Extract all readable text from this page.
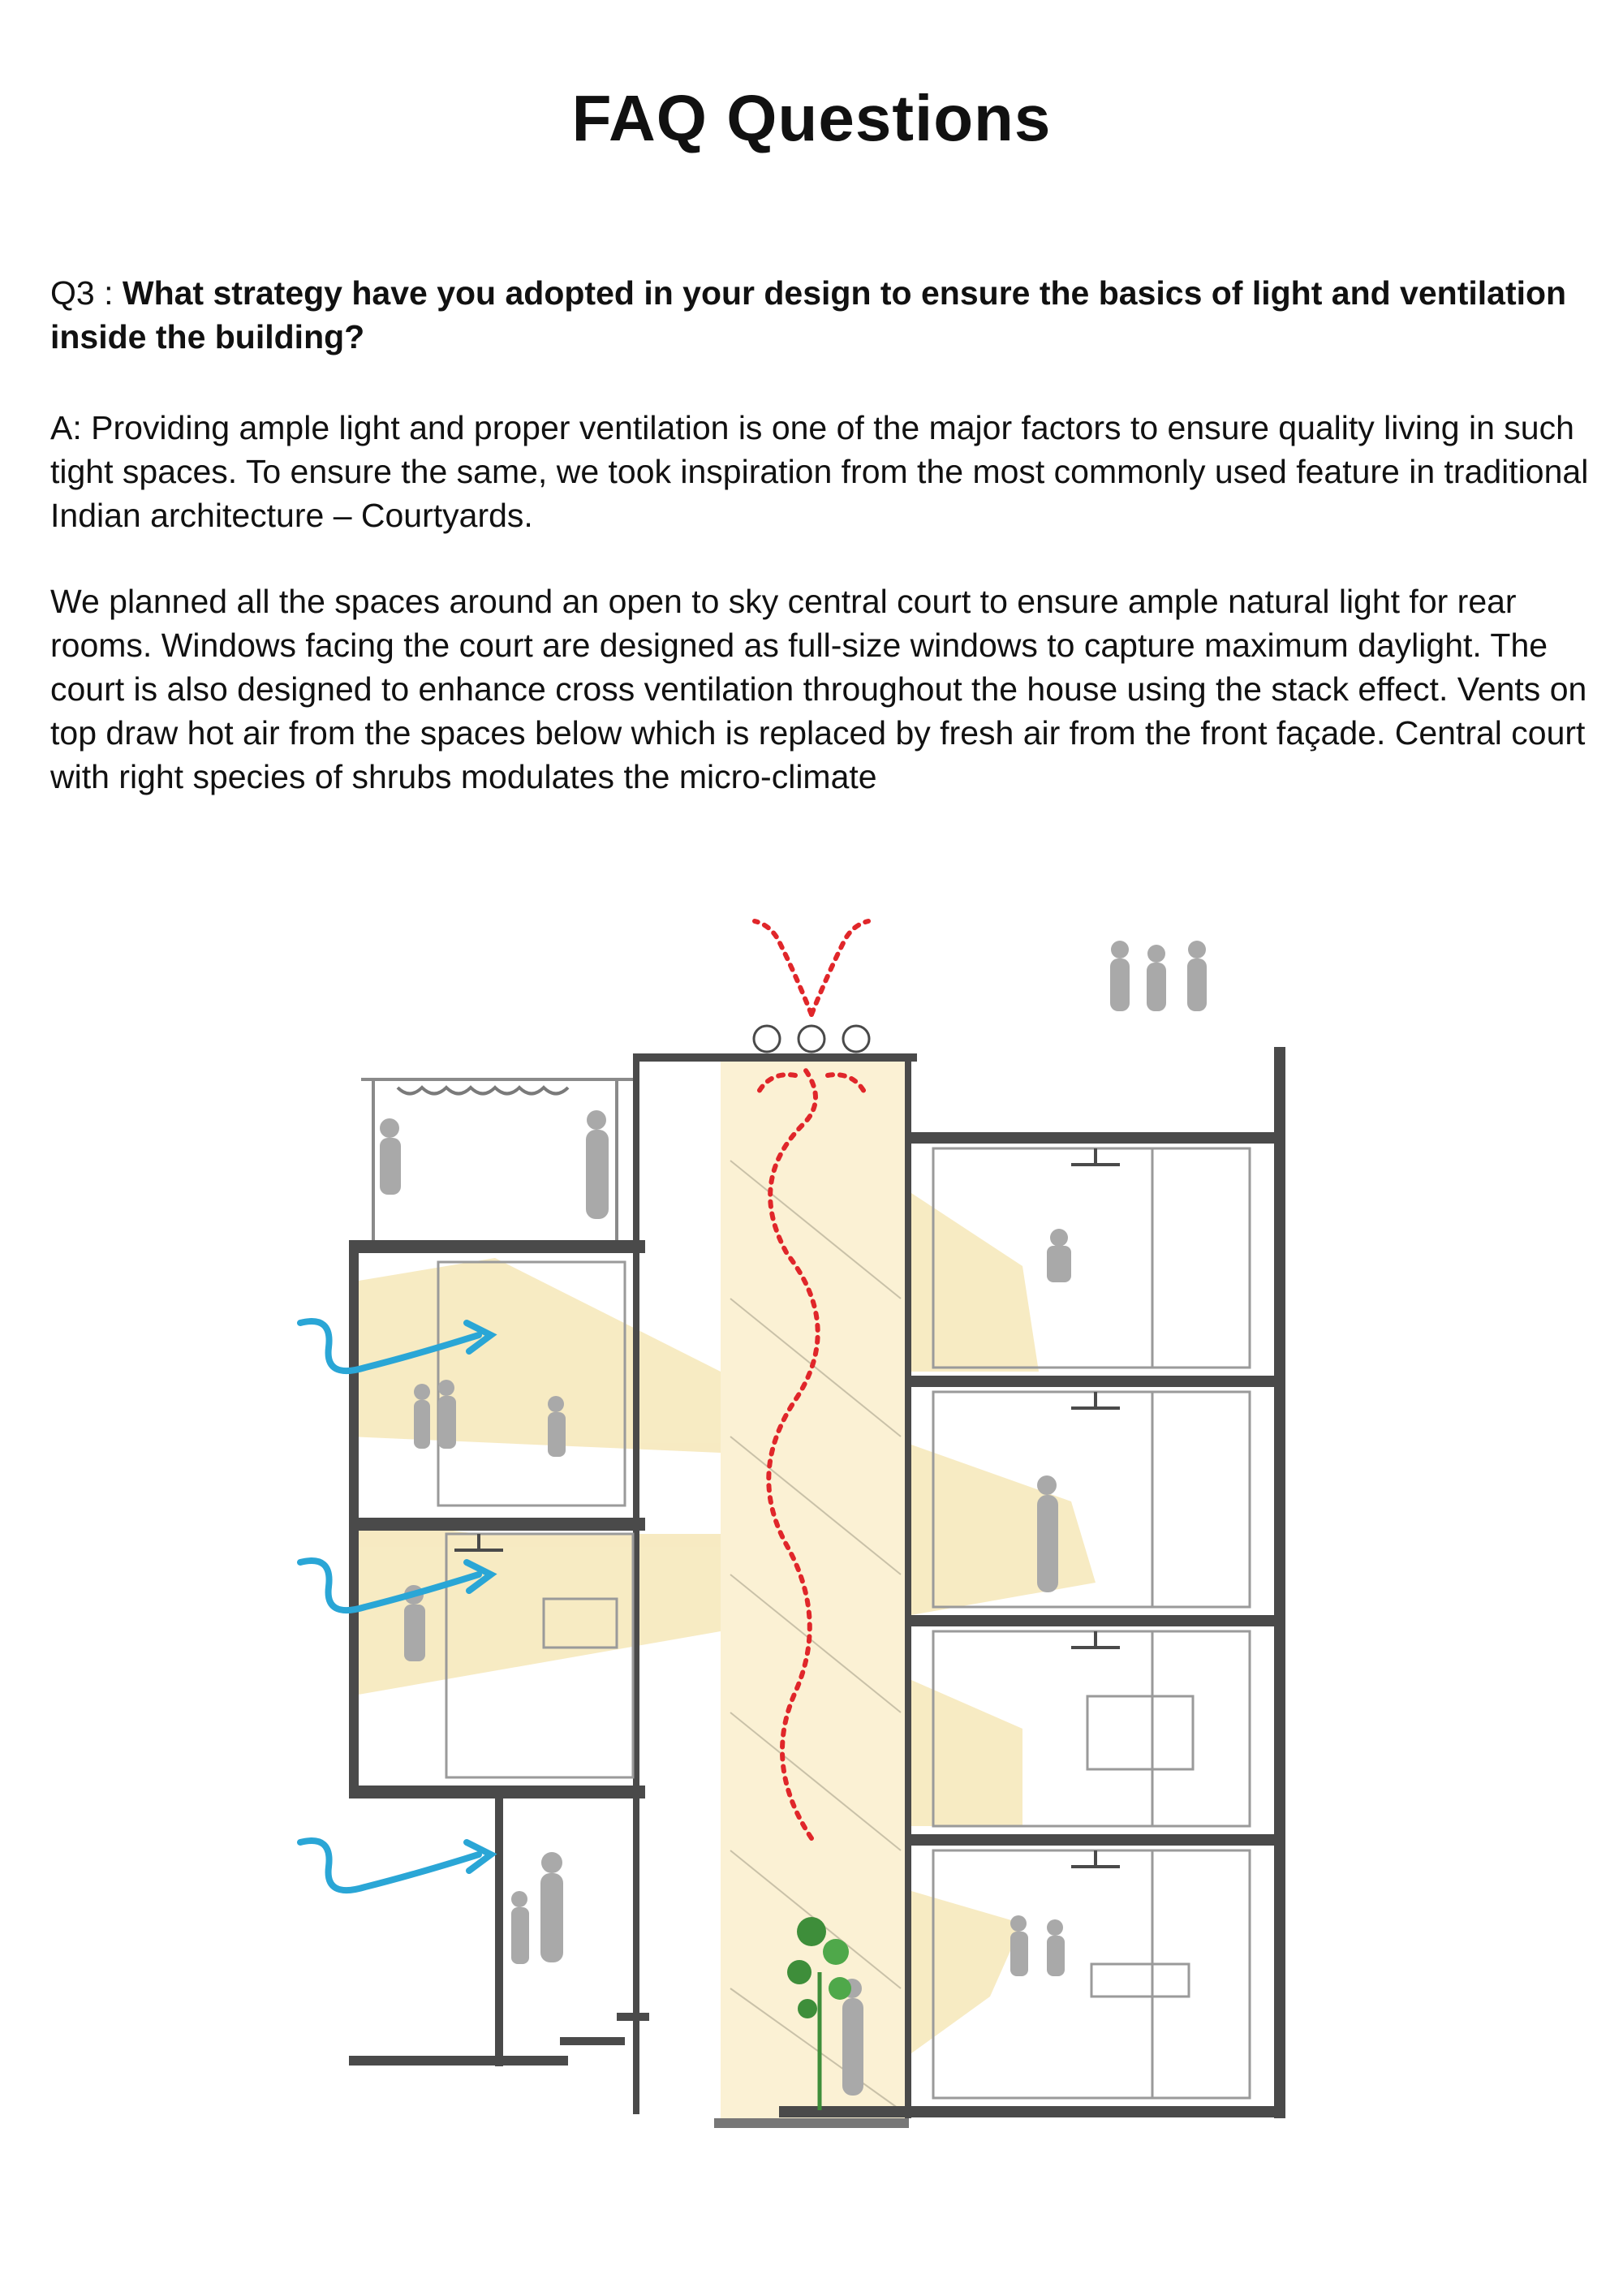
FAQ Questions
Q3 : What strategy have you adopted in your design to ensure the basics of light and ventilation inside the building?
A: Providing ample light and proper ventilation is one of the major factors to ensure quality living in such tight spaces. To ensure the same, we took inspiration from the most commonly used feature in traditional Indian architecture – Courtyards.
We planned all the spaces around an open to sky central court to ensure ample natural light for rear rooms. Windows facing the court are designed as full-size windows to capture maximum daylight. The court is also designed to enhance cross ventilation throughout the house using the stack effect. Vents on top draw hot air from the spaces below which is replaced by fresh air from the front façade. Central court with right species of shrubs modulates the micro-climate
